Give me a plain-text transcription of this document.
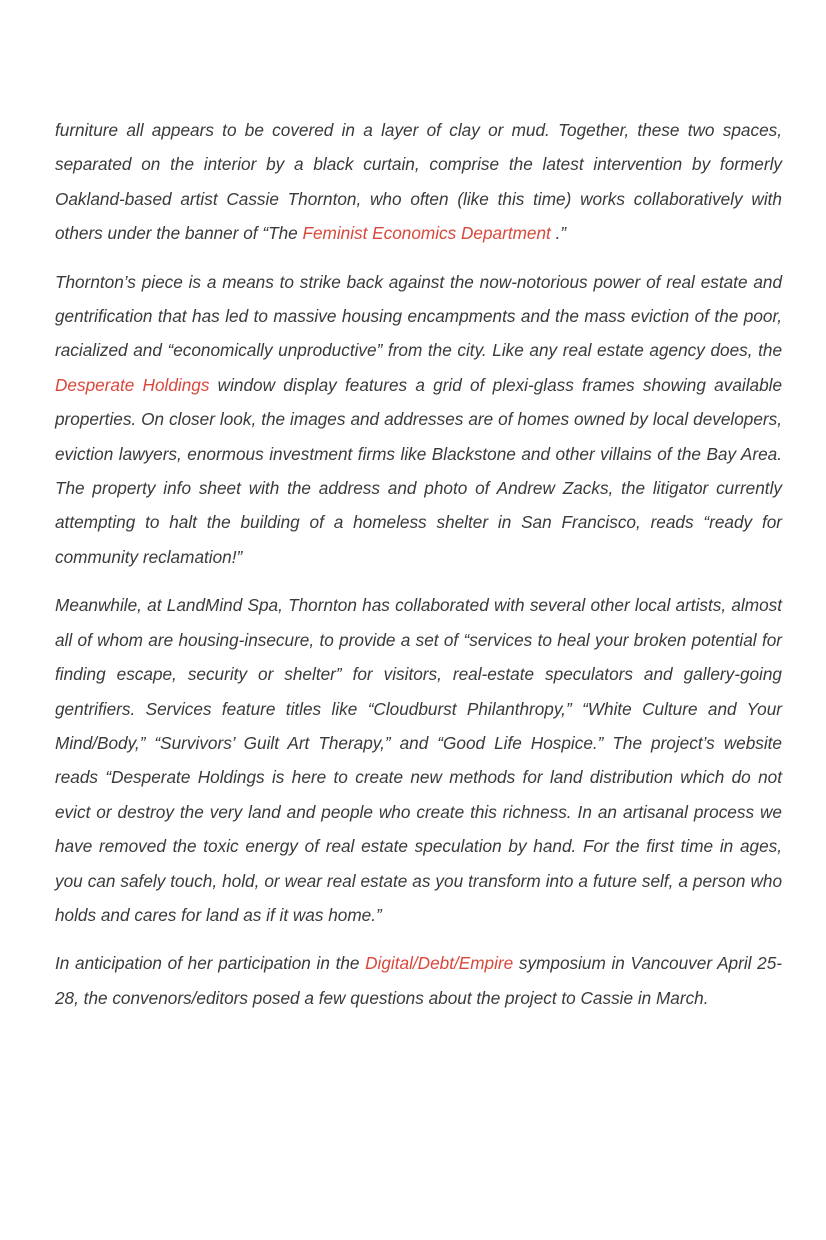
furniture all appears to be covered in a layer of clay or mud. Together, these two spaces, separated on the interior by a black curtain, comprise the latest intervention by formerly Oakland-based artist Cassie Thornton, who often (like this time) works collaboratively with others under the banner of “The Feminist Economics Department .”

Thornton’s piece is a means to strike back against the now-notorious power of real estate and gentrification that has led to massive housing encampments and the mass eviction of the poor, racialized and “economically unproductive” from the city. Like any real estate agency does, the Desperate Holdings window display features a grid of plexi-glass frames showing available properties. On closer look, the images and addresses are of homes owned by local developers, eviction lawyers, enormous investment firms like Blackstone and other villains of the Bay Area. The property info sheet with the address and photo of Andrew Zacks, the litigator currently attempting to halt the building of a homeless shelter in San Francisco, reads “ready for community reclamation!”

Meanwhile, at LandMind Spa, Thornton has collaborated with several other local artists, almost all of whom are housing-insecure, to provide a set of “services to heal your broken potential for finding escape, security or shelter” for visitors, real-estate speculators and gallery-going gentrifiers. Services feature titles like “Cloudburst Philanthropy,” “White Culture and Your Mind/Body,” “Survivors’ Guilt Art Therapy,” and “Good Life Hospice.” The project’s website reads “Desperate Holdings is here to create new methods for land distribution which do not evict or destroy the very land and people who create this richness. In an artisanal process we have removed the toxic energy of real estate speculation by hand. For the first time in ages, you can safely touch, hold, or wear real estate as you transform into a future self, a person who holds and cares for land as if it was home.”

In anticipation of her participation in the Digital/Debt/Empire symposium in Vancouver April 25-28, the convenors/editors posed a few questions about the project to Cassie in March.
